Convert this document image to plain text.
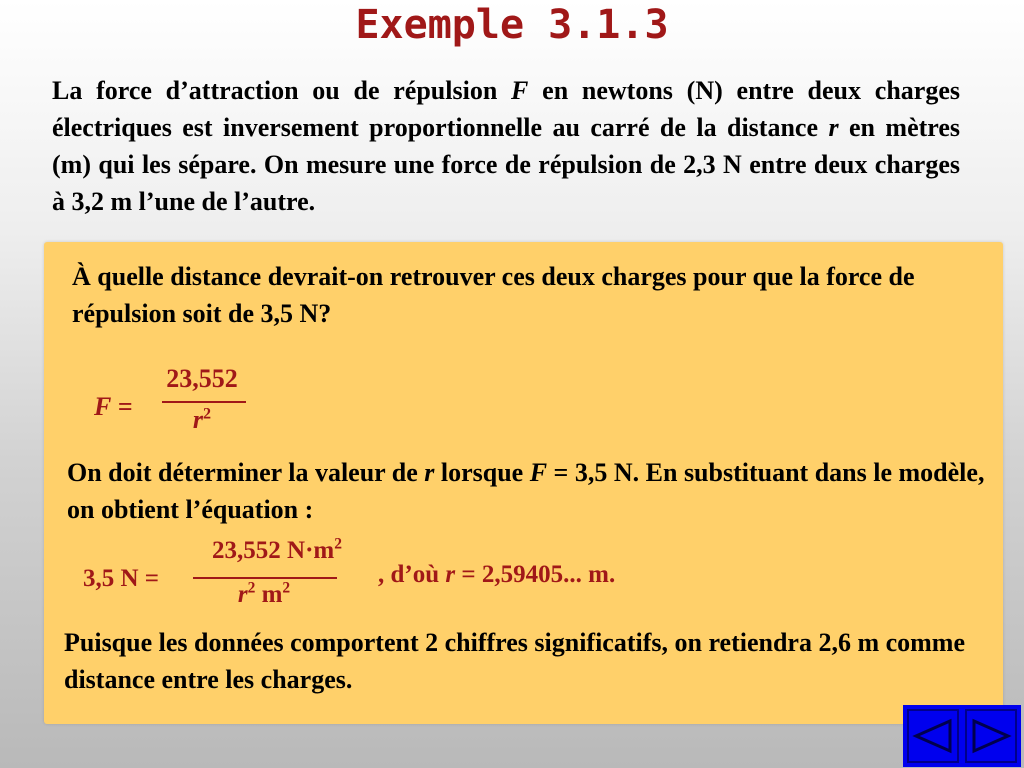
Exemple 3.1.3
La force d’attraction ou de répulsion F en newtons (N) entre deux charges électriques est inversement proportionnelle au carré de la distance r en mètres (m) qui les sépare. On mesure une force de répulsion de 2,3 N entre deux charges à 3,2 m l’une de l’autre.
À quelle distance devrait-on retrouver ces deux charges pour que la force de répulsion soit de 3,5 N?
F =
23,552
$r^2$
On doit déterminer la valeur de r lorsque F = 3,5 N. En substituant dans le modèle, on obtient l’équation :
3,5 N =
23,552 $N\cdot m^2$
$r^2$ $m^2$
, d’où r = 2,59405... m.
Puisque les données comportent 2 chiffres significatifs, on retiendra 2,6 m comme distance entre les charges.
